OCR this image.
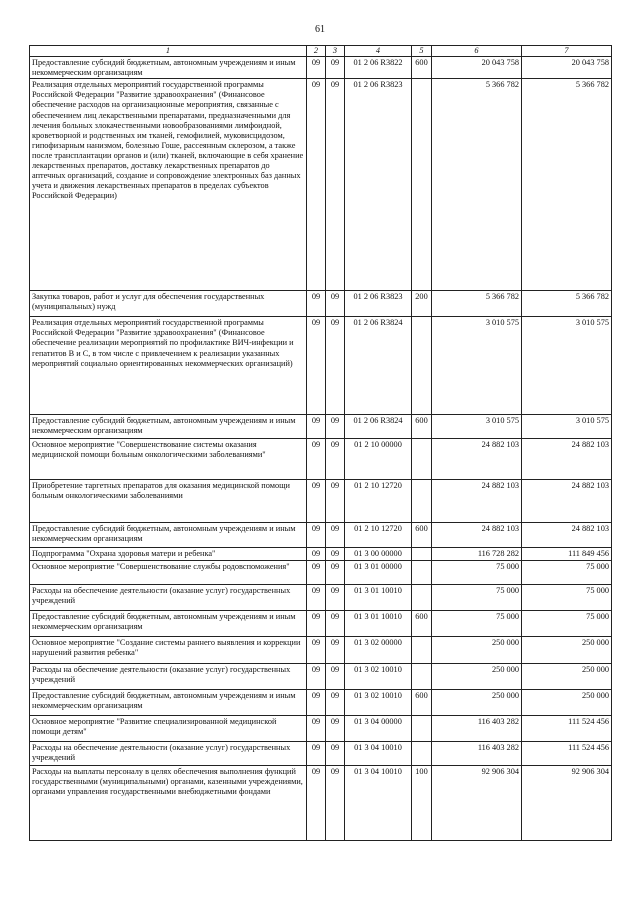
61
1	2	3	4	5	6	7
Предоставление субсидий бюджетным, автономным учреждениям и иным некоммерческим организациям	09	09	01 2 06 R3822	600	20 043 758	20 043 758
Реализация отдельных мероприятий государственной программы Российской Федерации "Развитие здравоохранения" (Финансовое обеспечение расходов на организационные мероприятия, связанные с обеспечением лиц лекарственными препаратами, предназначенными для лечения больных злокачественными новообразованиями лимфоидной, кроветворной и родственных им тканей, гемофилией, муковисцидозом, гипофизарным нанизмом, болезнью Гоше, рассеянным склерозом, а также после трансплантации органов и (или) тканей, включающие в себя хранение лекарственных препаратов, доставку лекарственных препаратов до аптечных организаций, создание и сопровождение электронных баз данных учета и движения лекарственных препаратов в пределах субъектов Российской Федерации)	09	09	01 2 06 R3823		5 366 782	5 366 782
Закупка товаров, работ и услуг для обеспечения государственных (муниципальных) нужд	09	09	01 2 06 R3823	200	5 366 782	5 366 782
Реализация отдельных мероприятий государственной программы Российской Федерации "Развитие здравоохранения" (Финансовое обеспечение реализации мероприятий по профилактике ВИЧ-инфекции и гепатитов В и С, в том числе с привлечением к реализации указанных мероприятий социально ориентированных некоммерческих организаций)	09	09	01 2 06 R3824		3 010 575	3 010 575
Предоставление субсидий бюджетным, автономным учреждениям и иным некоммерческим организациям	09	09	01 2 06 R3824	600	3 010 575	3 010 575
Основное мероприятие "Совершенствование системы оказания медицинской помощи больным онкологическими заболеваниями"	09	09	01 2 10 00000		24 882 103	24 882 103
Приобретение таргетных препаратов для оказания медицинской помощи больным онкологическими заболеваниями	09	09	01 2 10 12720		24 882 103	24 882 103
Предоставление субсидий бюджетным, автономным учреждениям и иным некоммерческим организациям	09	09	01 2 10 12720	600	24 882 103	24 882 103
Подпрограмма "Охрана здоровья матери и ребенка"	09	09	01 3 00 00000		116 728 282	111 849 456
Основное мероприятие "Совершенствование службы родовспоможения"	09	09	01 3 01 00000		75 000	75 000
Расходы на обеспечение деятельности (оказание услуг) государственных учреждений	09	09	01 3 01 10010		75 000	75 000
Предоставление субсидий бюджетным, автономным учреждениям и иным некоммерческим организациям	09	09	01 3 01 10010	600	75 000	75 000
Основное мероприятие "Создание системы раннего выявления и коррекции нарушений развития ребенка"	09	09	01 3 02 00000		250 000	250 000
Расходы на обеспечение деятельности (оказание услуг) государственных учреждений	09	09	01 3 02 10010		250 000	250 000
Предоставление субсидий бюджетным, автономным учреждениям и иным некоммерческим организациям	09	09	01 3 02 10010	600	250 000	250 000
Основное мероприятие "Развитие специализированной медицинской помощи детям"	09	09	01 3 04 00000		116 403 282	111 524 456
Расходы на обеспечение деятельности (оказание услуг) государственных учреждений	09	09	01 3 04 10010		116 403 282	111 524 456
Расходы на выплаты персоналу в целях обеспечения выполнения функций государственными (муниципальными) органами, казенными учреждениями, органами управления государственными внебюджетными фондами	09	09	01 3 04 10010	100	92 906 304	92 906 304
